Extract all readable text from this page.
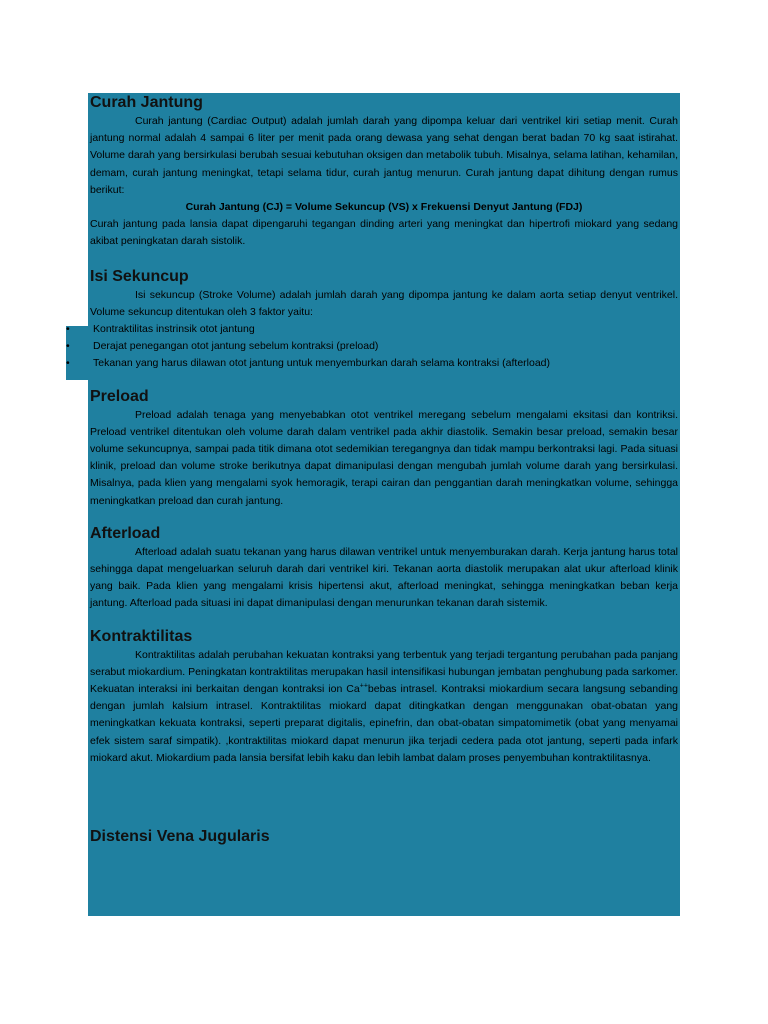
Curah Jantung

Curah jantung (Cardiac Output) adalah jumlah darah yang dipompa keluar dari ventrikel kiri setiap menit. Curah jantung normal adalah 4 sampai 6 liter per menit pada orang dewasa yang sehat dengan berat badan 70 kg saat istirahat. Volume darah yang bersirkulasi berubah sesuai kebutuhan oksigen dan metabolik tubuh. Misalnya, selama latihan, kehamilan, demam, curah jantung meningkat, tetapi selama tidur, curah jantug menurun. Curah jantung dapat dihitung dengan rumus berikut:

Curah Jantung (CJ) = Volume Sekuncup (VS) x Frekuensi Denyut Jantung (FDJ)

Curah jantung pada lansia dapat dipengaruhi tegangan dinding arteri yang meningkat dan hipertrofi miokard yang sedang akibat peningkatan darah sistolik.

Isi Sekuncup

Isi sekuncup (Stroke Volume) adalah jumlah darah yang dipompa jantung ke dalam aorta setiap denyut ventrikel. Volume sekuncup ditentukan oleh 3 faktor yaitu:

• Kontraktilitas instrinsik otot jantung
• Derajat penegangan otot jantung sebelum kontraksi (preload)
• Tekanan yang harus dilawan otot jantung untuk menyemburkan darah selama kontraksi (afterload)
Preload

Preload adalah tenaga yang menyebabkan otot ventrikel meregang sebelum mengalami eksitasi dan kontriksi. Preload ventrikel ditentukan oleh volume darah dalam ventrikel pada akhir diastolik. Semakin besar preload, semakin besar volume sekuncupnya, sampai pada titik dimana otot sedemikian teregangnya dan tidak mampu berkontraksi lagi. Pada situasi klinik, preload dan volume stroke berikutnya dapat dimanipulasi dengan mengubah jumlah volume darah yang bersirkulasi. Misalnya, pada klien yang mengalami syok hemoragik, terapi cairan dan penggantian darah meningkatkan volume, sehingga meningkatkan preload dan curah jantung.

Afterload

Afterload adalah suatu tekanan yang harus dilawan ventrikel untuk menyemburakan darah. Kerja jantung harus total sehingga dapat mengeluarkan seluruh darah dari ventrikel kiri. Tekanan aorta diastolik merupakan alat ukur afterload klinik yang baik. Pada klien yang mengalami krisis hipertensi akut, afterload meningkat, sehingga meningkatkan beban kerja jantung. Afterload pada situasi ini dapat dimanipulasi dengan menurunkan tekanan darah sistemik.

Kontraktilitas

Kontraktilitas adalah perubahan kekuatan kontraksi yang terbentuk yang terjadi tergantung perubahan pada panjang serabut miokardium. Peningkatan kontraktilitas merupakan hasil intensifikasi hubungan jembatan penghubung pada sarkomer. Kekuatan interaksi ini berkaitan dengan kontraksi ion Ca++bebas intrasel. Kontraksi miokardium secara langsung sebanding dengan jumlah kalsium intrasel. Kontraktilitas miokard dapat ditingkatkan dengan menggunakan obat-obatan yang meningkatkan kekuata kontraksi, seperti preparat digitalis, epinefrin, dan obat-obatan simpatomimetik (obat yang menyamai efek sistem saraf simpatik). ,kontraktilitas miokard dapat menurun jika terjadi cedera pada otot jantung, seperti pada infark miokard akut. Miokardium pada lansia bersifat lebih kaku dan lebih lambat dalam proses penyembuhan kontraktilitasnya.

Distensi Vena Jugularis
